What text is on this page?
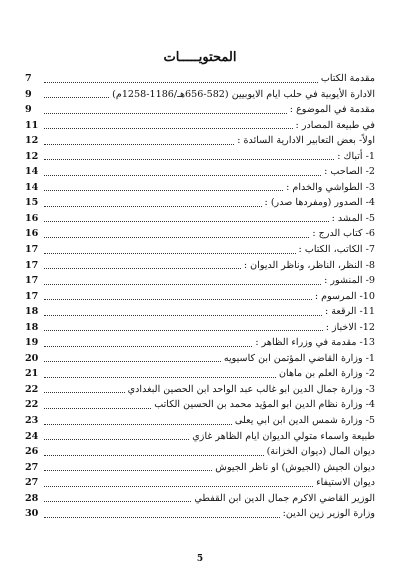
المحتويـــــات
مقدمة الكتاب
7
الادارة الأيوبية في حلب ايام الايوبيين (582-656هـ/1186-1258م)
9
مقدمة في الموضوع :
9
في طبيعة المصادر :
11
اولاً- بعض التعابير الادارية السائدة :
12
1- أتباك :
12
2- الصاحب :
14
3- الطواشي والخدام :
14
4- الصدور (ومفردها صدر) :
15
5- المشد :
16
6- كتاب الدرج :
16
7- الكاتب، الكتاب :
17
8- النظر، الناظر، وناظر الديوان :
17
9- المنشور :
17
10- المرسوم :
17
11- الرقعة :
18
12- الاخباز :
18
13- مقدمة في وزراء الظاهر :
19
1- وزارة القاضي المؤتمن ابن كاسيويه
20
2- وزارة العلم بن ماهان
21
3- وزارة جمال الدين ابو غالب عبد الواحد ابن الحصين البغدادي
22
4- وزارة نظام الدين ابو المؤيد محمد بن الحسين الكاتب
22
5- وزارة شمس الدين ابن ابي يعلى
23
طبيعة واسماء متولي الديوان ايام الظاهر غازي
24
ديوان المال (ديوان الخزانة)
26
ديوان الجيش (الجيوش) او ناظر الجيوش
27
ديوان الاستيفاء
27
الوزير القاضي الاكرم جمال الدين ابن القفطي
28
وزارة الوزير زين الدين:
30
5
